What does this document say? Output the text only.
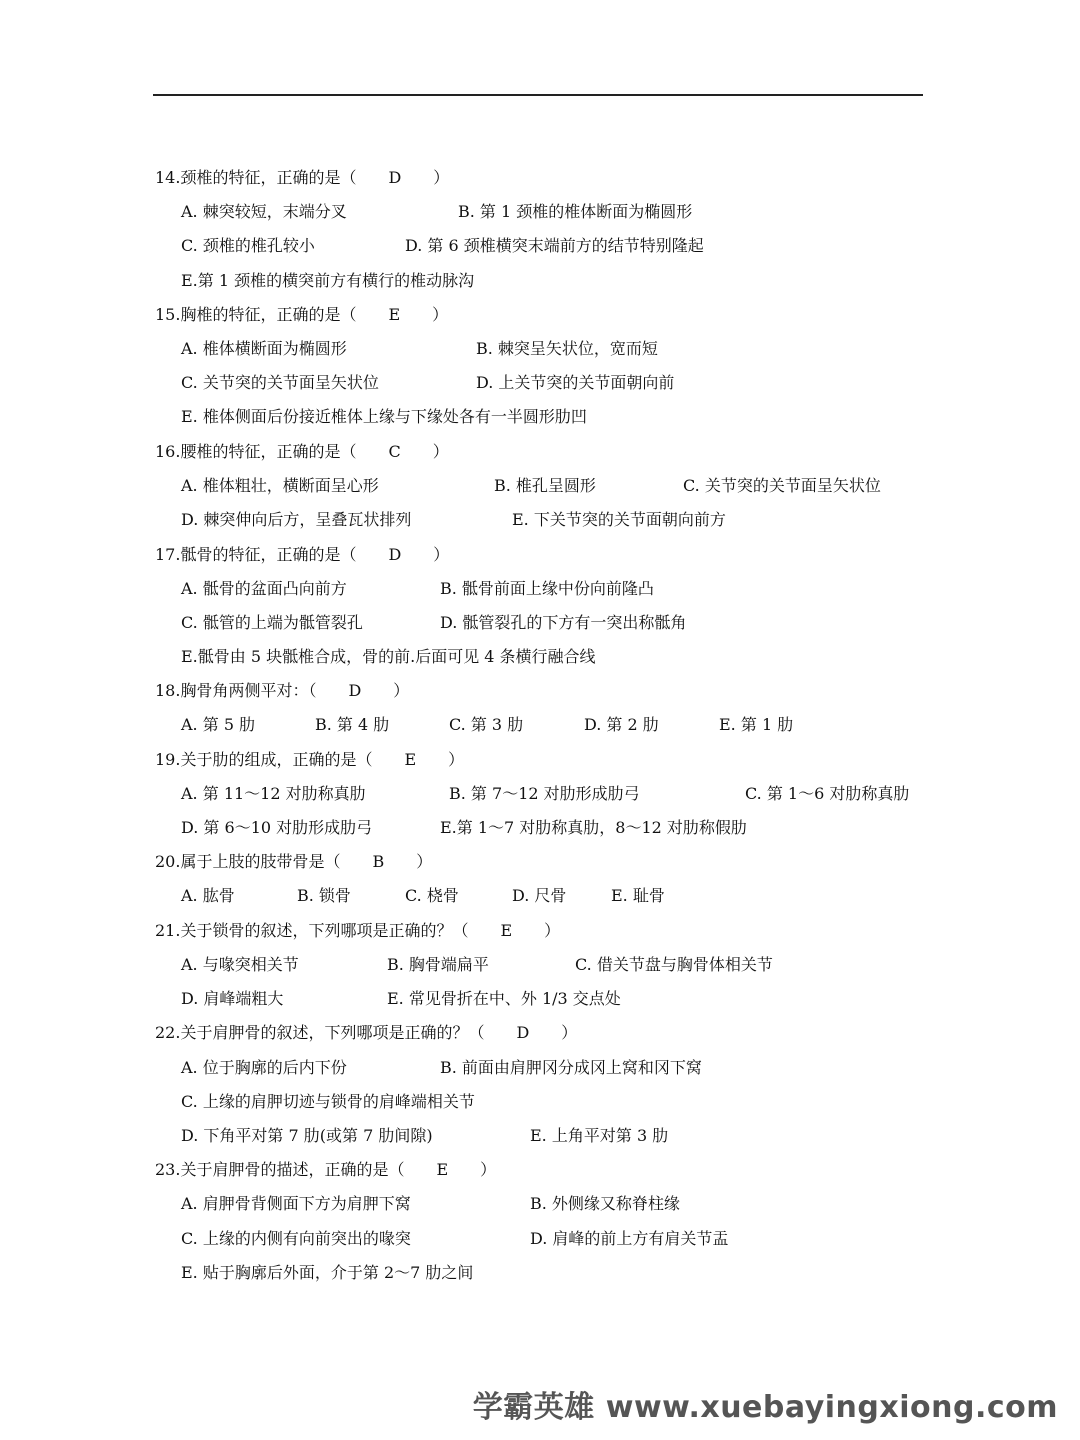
14.颈椎的特征，正确的是（　　D　　）
A. 棘突较短，末端分叉	B. 第 1 颈椎的椎体断面为椭圆形
C. 颈椎的椎孔较小	D. 第 6 颈椎横突末端前方的结节特别隆起
E.第 1 颈椎的横突前方有横行的椎动脉沟
15.胸椎的特征，正确的是（　　E　　）
A. 椎体横断面为椭圆形	B. 棘突呈矢状位，宽而短
C. 关节突的关节面呈矢状位	D. 上关节突的关节面朝向前
E. 椎体侧面后份接近椎体上缘与下缘处各有一半圆形肋凹
16.腰椎的特征，正确的是（　　C　　）
A. 椎体粗壮，横断面呈心形	B. 椎孔呈圆形	C. 关节突的关节面呈矢状位
D. 棘突伸向后方，呈叠瓦状排列	E. 下关节突的关节面朝向前方
17.骶骨的特征，正确的是（　　D　　）
A. 骶骨的盆面凸向前方	B. 骶骨前面上缘中份向前隆凸
C. 骶管的上端为骶管裂孔	D. 骶管裂孔的下方有一突出称骶角
E.骶骨由 5 块骶椎合成，骨的前.后面可见 4 条横行融合线
18.胸骨角两侧平对：（　　D　　）
A. 第 5 肋	B. 第 4 肋	C. 第 3 肋	D. 第 2 肋	E. 第 1 肋
19.关于肋的组成，正确的是（　　E　　）
A. 第 11～12 对肋称真肋	B. 第 7～12 对肋形成肋弓	C. 第 1～6 对肋称真肋
D. 第 6～10 对肋形成肋弓	E.第 1～7 对肋称真肋，8～12 对肋称假肋
20.属于上肢的肢带骨是（　　B　　）
A. 肱骨	B. 锁骨	C. 桡骨	D. 尺骨	E. 耻骨
21.关于锁骨的叙述，下列哪项是正确的？（　　E　　）
A. 与喙突相关节	B. 胸骨端扁平	C. 借关节盘与胸骨体相关节
D. 肩峰端粗大	E. 常见骨折在中、外 1/3 交点处
22.关于肩胛骨的叙述，下列哪项是正确的？（　　D　　）
A. 位于胸廓的后内下份	B. 前面由肩胛冈分成冈上窝和冈下窝
C. 上缘的肩胛切迹与锁骨的肩峰端相关节
D. 下角平对第 7 肋(或第 7 肋间隙)	E. 上角平对第 3 肋
23.关于肩胛骨的描述，正确的是（　　E　　）
A. 肩胛骨背侧面下方为肩胛下窝	B. 外侧缘又称脊柱缘
C. 上缘的内侧有向前突出的喙突	D. 肩峰的前上方有肩关节盂
E. 贴于胸廓后外面，介于第 2～7 肋之间
学霸英雄 www.xuebayingxiong.com
